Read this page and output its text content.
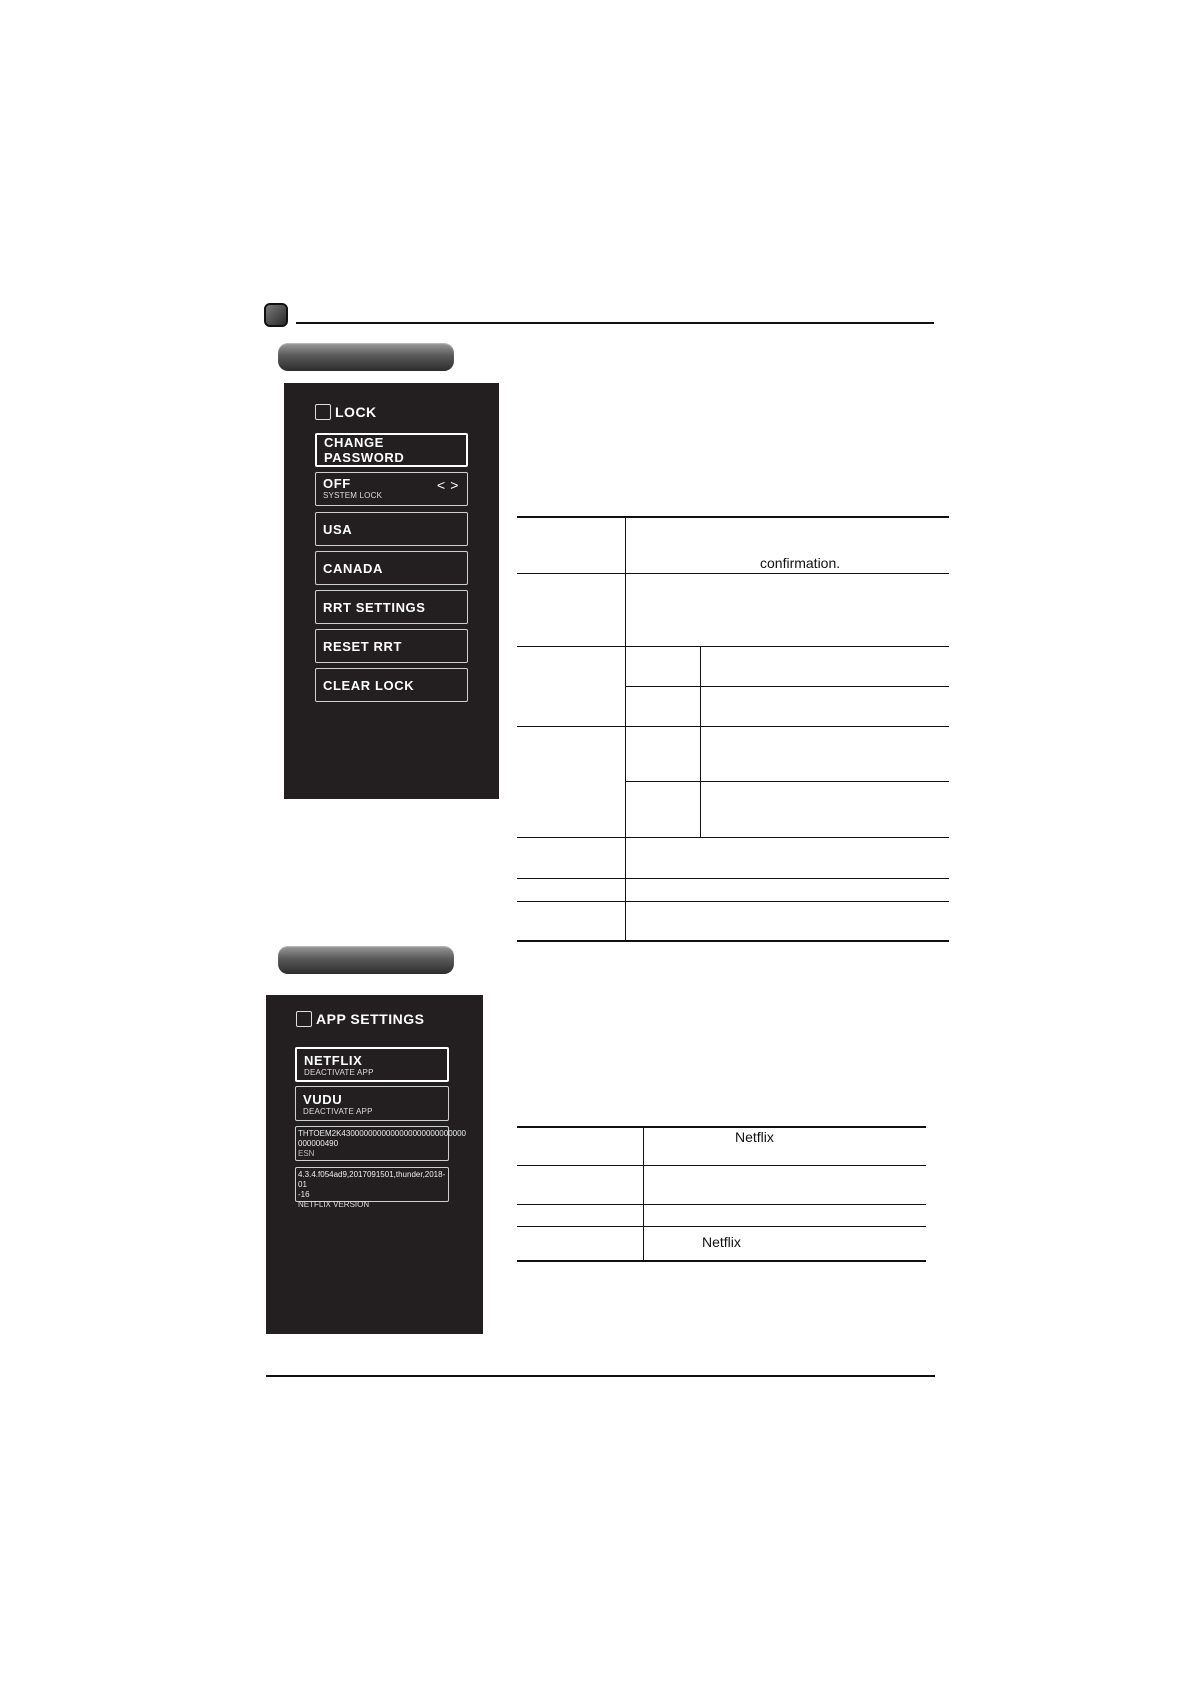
LOCK
CHANGE PASSWORD
OFF
SYSTEM LOCK
< >
USA
CANADA
RRT SETTINGS
RESET RRT
CLEAR LOCK
confirmation.
APP SETTINGS
NETFLIX
DEACTIVATE APP
VUDU
DEACTIVATE APP
THTOEM2K4300000000000000000000000000
000000490
ESN
4.3.4.f054ad9,2017091501,thunder,2018-01
-16
NETFLIX VERSION
Netflix
Netflix
